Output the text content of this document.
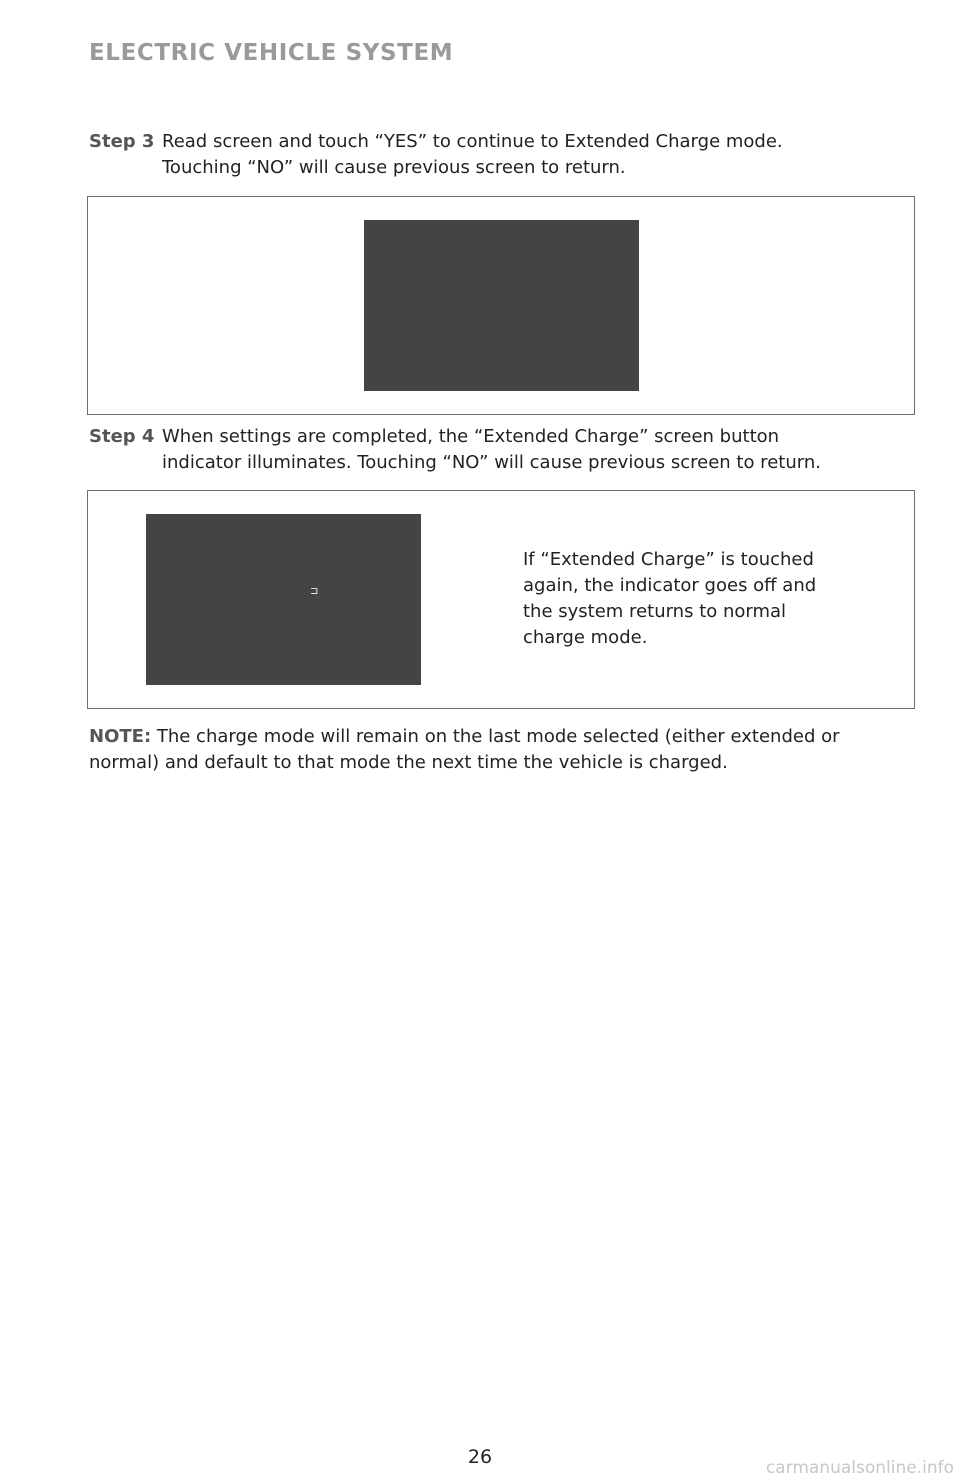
ELECTRIC VEHICLE SYSTEM
Step 3 Read screen and touch “YES” to continue to Extended Charge mode.
Touching “NO” will cause previous screen to return.
Step 4 When settings are completed, the “Extended Charge” screen button
indicator illuminates. Touching “NO” will cause previous screen to return.
⊐
If “Extended Charge” is touched
again, the indicator goes off and
the system returns to normal
charge mode.
NOTE: The charge mode will remain on the last mode selected (either extended or
normal) and default to that mode the next time the vehicle is charged.
26	carmanualsonline.info
